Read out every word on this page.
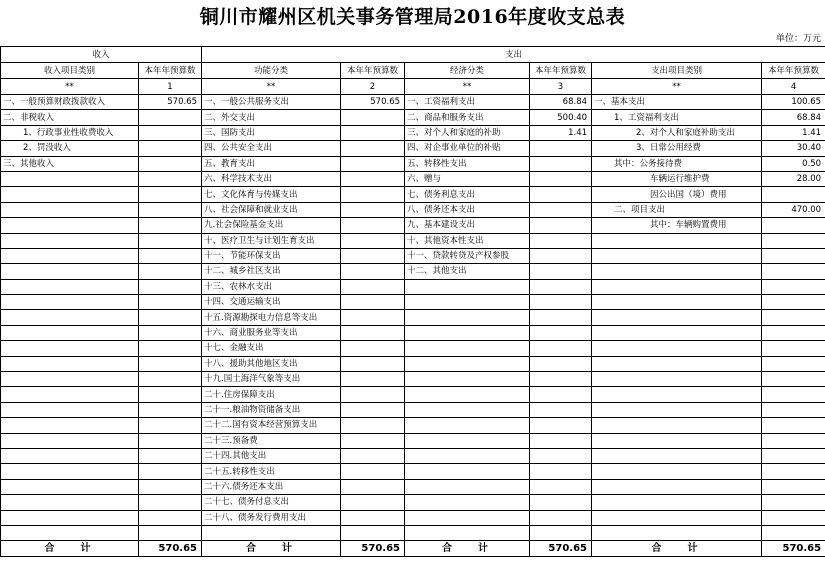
铜川市耀州区机关事务管理局2016年度收支总表
单位：万元
收入		支出					
收入项目类别	本年年预算数	功能分类	本年年预算数	经济分类	本年年预算数	支出项目类别	本年年预算数
**	1	**	2	**	3	**	4
一、一般预算财政拨款收入	570.65	一、一般公共服务支出	570.65	一、工资福利支出	68.84	一、基本支出	100.65
二、非税收入		二、外交支出		二、商品和服务支出	500.40	1、工资福利支出	68.84
1、行政事业性收费收入		三、国防支出		三、对个人和家庭的补助	1.41	2、对个人和家庭补助支出	1.41
2、罚没收入		四、公共安全支出		四、对企事业单位的补贴		3、日常公用经费	30.40
三、其他收入		五、教育支出		五、转移性支出		其中：公务接待费	0.50
		六、科学技术支出		六、赠与		车辆运行维护费	28.00
		七、文化体育与传媒支出		七、债务利息支出		因公出国（境）费用	
		八、社会保障和就业支出		八、债务还本支出		二、项目支出	470.00
		九.社会保险基金支出		九、基本建设支出		其中：车辆购置费用	
		十、医疗卫生与计划生育支出		十、其他资本性支出			
		十一、节能环保支出		十一、贷款转贷及产权参股			
		十二、城乡社区支出		十二、其他支出			
		十三、农林水支出					
		十四、交通运输支出					
		十五.资源勘探电力信息等支出					
		十六、商业服务业等支出					
		十七、金融支出					
		十八、援助其他地区支出					
		十九.国土海洋气象等支出					
		二十.住房保障支出					
		二十一.粮油物资储备支出					
		二十二.国有资本经营预算支出					
		二十三.预备费					
		二十四.其他支出					
		二十五.转移性支出					
		二十六.债务还本支出					
		二十七、债务付息支出					
		二十八、债务发行费用支出					

合计	570.65	合计	570.65	合计	570.65	合计	570.65
